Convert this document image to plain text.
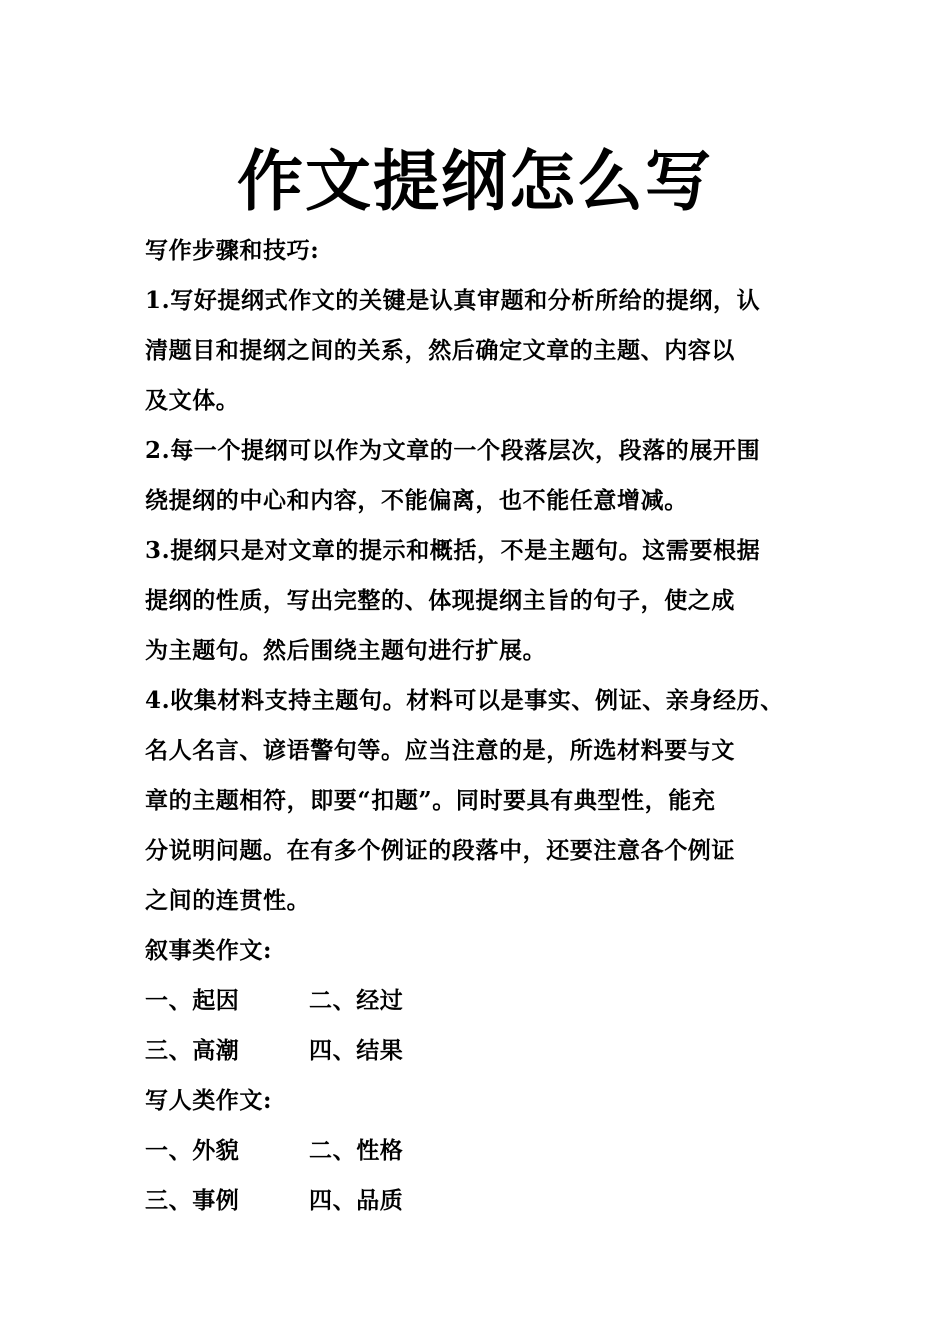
作文提纲怎么写
写作步骤和技巧:
1.写好提纲式作文的关键是认真审题和分析所给的提纲，认
清题目和提纲之间的关系，然后确定文章的主题、内容以
及文体。
2.每一个提纲可以作为文章的一个段落层次，段落的展开围
绕提纲的中心和内容，不能偏离，也不能任意增减。
3.提纲只是对文章的提示和概括，不是主题句。这需要根据
提纲的性质，写出完整的、体现提纲主旨的句子，使之成
为主题句。然后围绕主题句进行扩展。
4.收集材料支持主题句。材料可以是事实、例证、亲身经历、
名人名言、谚语警句等。应当注意的是，所选材料要与文
章的主题相符，即要“扣题”。同时要具有典型性，能充
分说明问题。在有多个例证的段落中，还要注意各个例证
之间的连贯性。
叙事类作文:
一、起因	二、经过
三、高潮	四、结果
写人类作文:
一、外貌	二、性格
三、事例	四、品质
